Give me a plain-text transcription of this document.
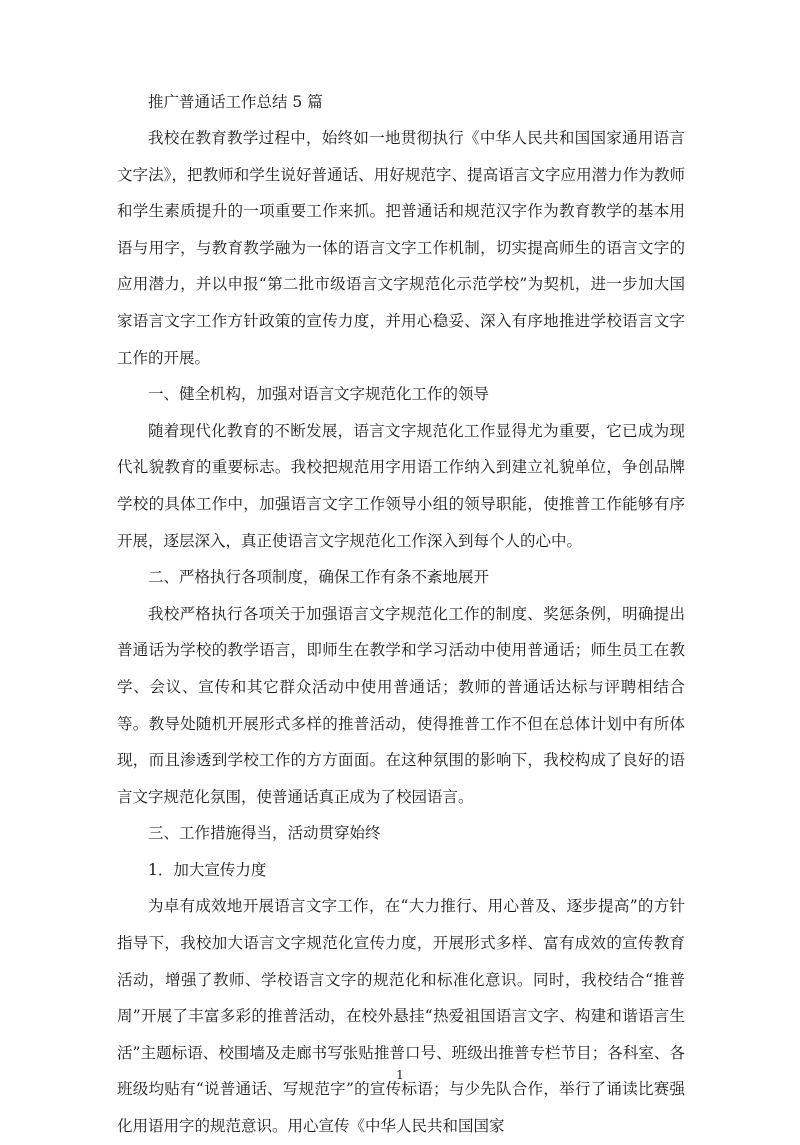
推广普通话工作总结 5 篇

我校在教育教学过程中，始终如一地贯彻执行《中华人民共和国国家通用语言文字法》，把教师和学生说好普通话、用好规范字、提高语言文字应用潜力作为教师和学生素质提升的一项重要工作来抓。把普通话和规范汉字作为教育教学的基本用语与用字，与教育教学融为一体的语言文字工作机制，切实提高师生的语言文字的应用潜力，并以申报“第二批市级语言文字规范化示范学校”为契机，进一步加大国家语言文字工作方针政策的宣传力度，并用心稳妥、深入有序地推进学校语言文字工作的开展。

一、健全机构，加强对语言文字规范化工作的领导

随着现代化教育的不断发展，语言文字规范化工作显得尤为重要，它已成为现代礼貌教育的重要标志。我校把规范用字用语工作纳入到建立礼貌单位，争创品牌学校的具体工作中，加强语言文字工作领导小组的领导职能，使推普工作能够有序开展，逐层深入，真正使语言文字规范化工作深入到每个人的心中。

二、严格执行各项制度，确保工作有条不紊地展开

我校严格执行各项关于加强语言文字规范化工作的制度、奖惩条例，明确提出普通话为学校的教学语言，即师生在教学和学习活动中使用普通话；师生员工在教学、会议、宣传和其它群众活动中使用普通话；教师的普通话达标与评聘相结合等。教导处随机开展形式多样的推普活动，使得推普工作不但在总体计划中有所体现，而且渗透到学校工作的方方面面。在这种氛围的影响下，我校构成了良好的语言文字规范化氛围，使普通话真正成为了校园语言。

三、工作措施得当，活动贯穿始终

1．加大宣传力度

为卓有成效地开展语言文字工作，在“大力推行、用心普及、逐步提高”的方针指导下，我校加大语言文字规范化宣传力度，开展形式多样、富有成效的宣传教育活动，增强了教师、学校语言文字的规范化和标准化意识。同时，我校结合“推普周”开展了丰富多彩的推普活动，在校外悬挂“热爱祖国语言文字、构建和谐语言生活”主题标语、校围墙及走廊书写张贴推普口号、班级出推普专栏节目；各科室、各班级均贴有“说普通话、写规范字”的宣传标语；与少先队合作，举行了诵读比赛强化用语用字的规范意识。用心宣传《中华人民共和国国家

1
